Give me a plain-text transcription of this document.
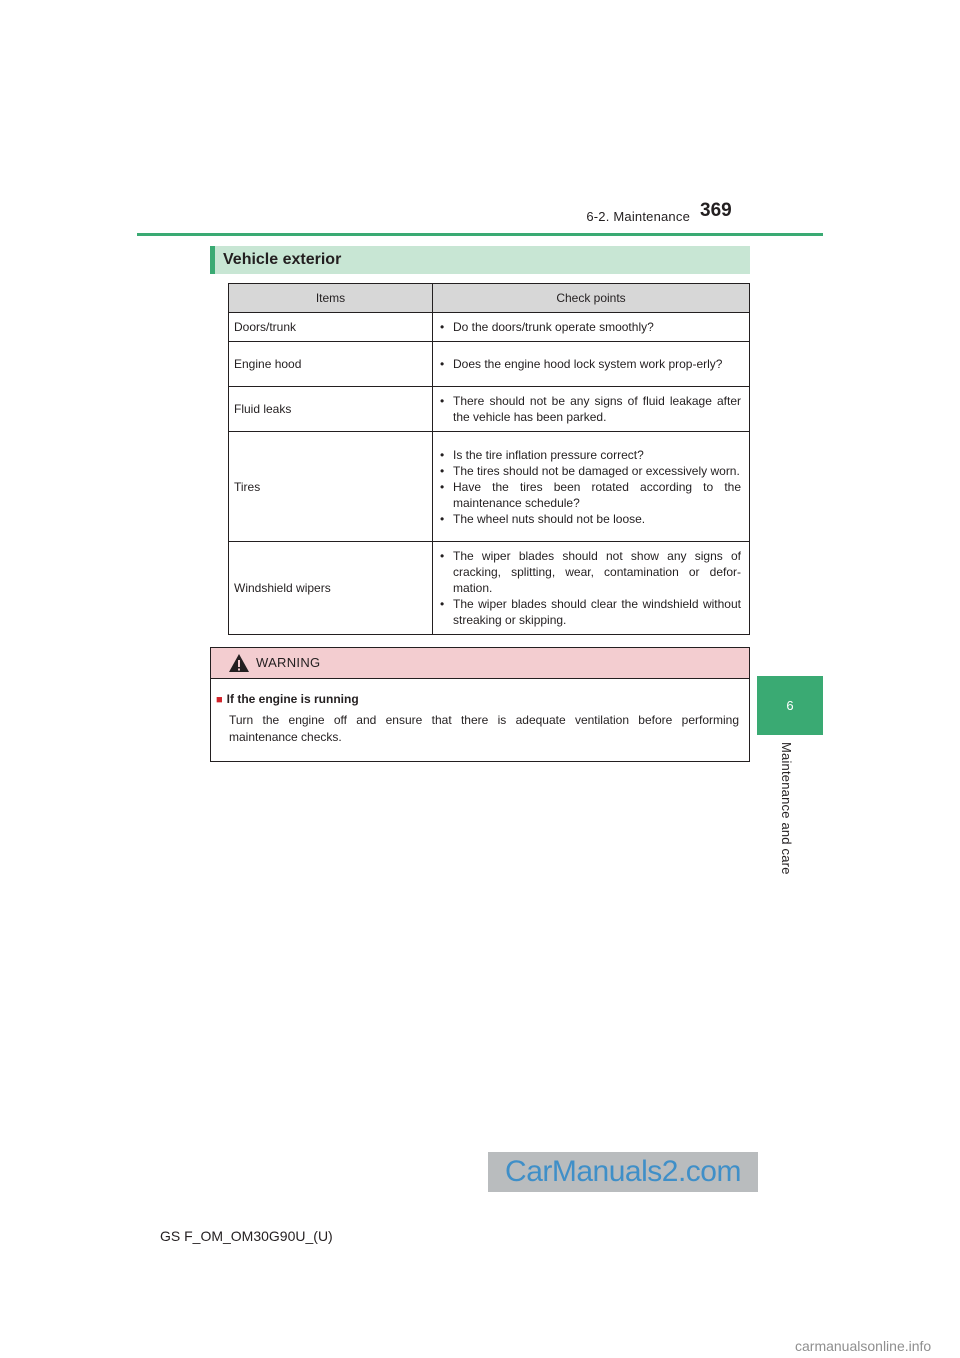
6-2. Maintenance 369
6
Maintenance and care
Vehicle exterior
Items	Check points
Doors/trunk	• Do the doors/trunk operate smoothly?

Engine hood	• Does the engine hood lock system work prop-erly?

Fluid leaks	• There should not be any signs of fluid leakage after the vehicle has been parked.

Tires	• Is the tire inflation pressure correct?
• The tires should not be damaged or excessively worn.
• Have the tires been rotated according to the maintenance schedule?
• The wheel nuts should not be loose.

Windshield wipers	• The wiper blades should not show any signs of cracking, splitting, wear, contamination or defor-mation.
• The wiper blades should clear the windshield without streaking or skipping.
WARNING
■ If the engine is running
Turn the engine off and ensure that there is adequate ventilation before performing maintenance checks.
CarManuals2.com
GS F_OM_OM30G90U_(U)
carmanualsonline.info
